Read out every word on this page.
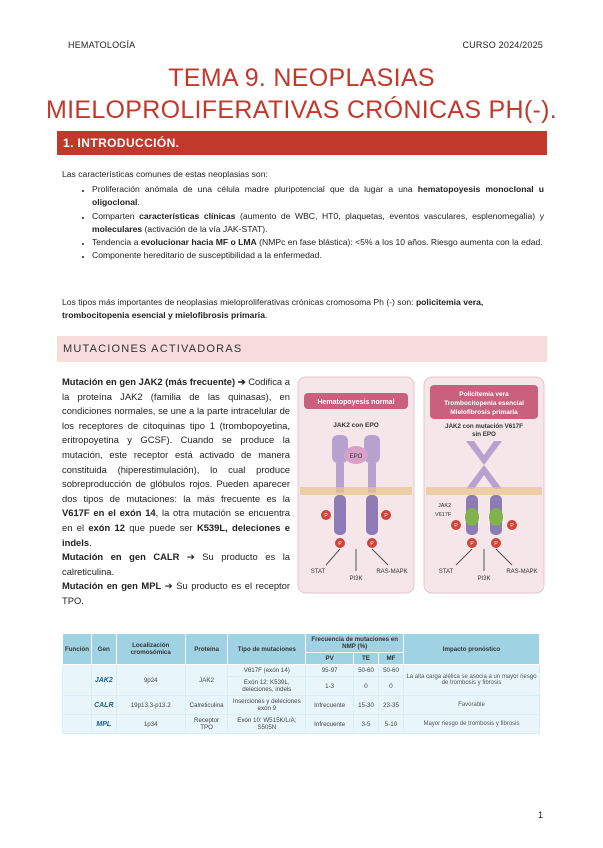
HEMATOLOGÍA	CURSO 2024/2025
TEMA 9. NEOPLASIAS
MIELOPROLIFERATIVAS CRÓNICAS PH(-).
1. INTRODUCCIÓN.

Las características comunes de estas neoplasias son:

• Proliferación anómala de una célula madre pluripotencial que da lugar a una hematopoyesis monoclonal u oligoclonal.
• Comparten características clínicas (aumento de WBC, HT0, plaquetas, eventos vasculares, esplenomegalia) y moleculares (activación de la vía JAK-STAT).
• Tendencia a evolucionar hacia MF o LMA (NMPc en fase blástica): <5% a los 10 años. Riesgo aumenta con la edad.
• Componente hereditario de susceptibilidad a la enfermedad.
Los tipos más importantes de neoplasias mieloproliferativas crónicas cromosoma Ph (-) son: policitemia vera, trombocitopenia esencial y mielofibrosis primaria.
MUTACIONES ACTIVADORAS

Mutación en gen JAK2 (más frecuente) ➔ Codifica a la proteína JAK2 (familia de las quinasas), en condiciones normales, se une a la parte intracelular de los receptores de citoquinas tipo 1 (trombopoyetina, eritropoyetina y GCSF). Cuando se produce la mutación, este receptor está activado de manera constituida (hiperestimulación), lo cual produce sobreproducción de glóbulos rojos. Pueden aparecer dos tipos de mutaciones: la más frecuente es la V617F en el exón 14, la otra mutación se encuentra en el exón 12 que puede ser K539L, deleciones e indels.

Mutación en gen CALR ➔ Su producto es la calreticulina.

Mutación en gen MPL ➔ Su producto es el receptor TPO.

Hematopoyesis normal
JAK2 con EPO
EPO
P	P
P	P
STAT
PI3K
RAS-MAPK
Policitemia vera
Trombocitopenia esencial
Mielofibrosis primaria
JAK2 con mutación V617F
sin EPO
JAK2
V617F
P	P
P	P
STAT
PI3K
RAS-MAPK
Función	Gen	Localización cromosómica	Proteína	Tipo de mutaciones	Frecuencia de mutaciones en NMP (%)			Impacto pronóstico
					PV	TE	MF	
	JAK2	9p24	JAK2	V617F (exón 14)	95-97	50-60	50-60	La alta carga alélica se asocia a un mayor riesgo de trombosis y fibrosis
				Exón 12: K539L, deleciones, indels	1-3	0	0	
	CALR	19p13.3-p13.2	Calreticulina	Inserciones y deleciones exón 9	Infrecuente	15-30	23-35	Favorable
	MPL	1p34	Receptor TPO	Exón 10: W515K/L/A; S505N	Infrecuente	3-5	5-10	Mayor riesgo de trombosis y fibrosis
1
